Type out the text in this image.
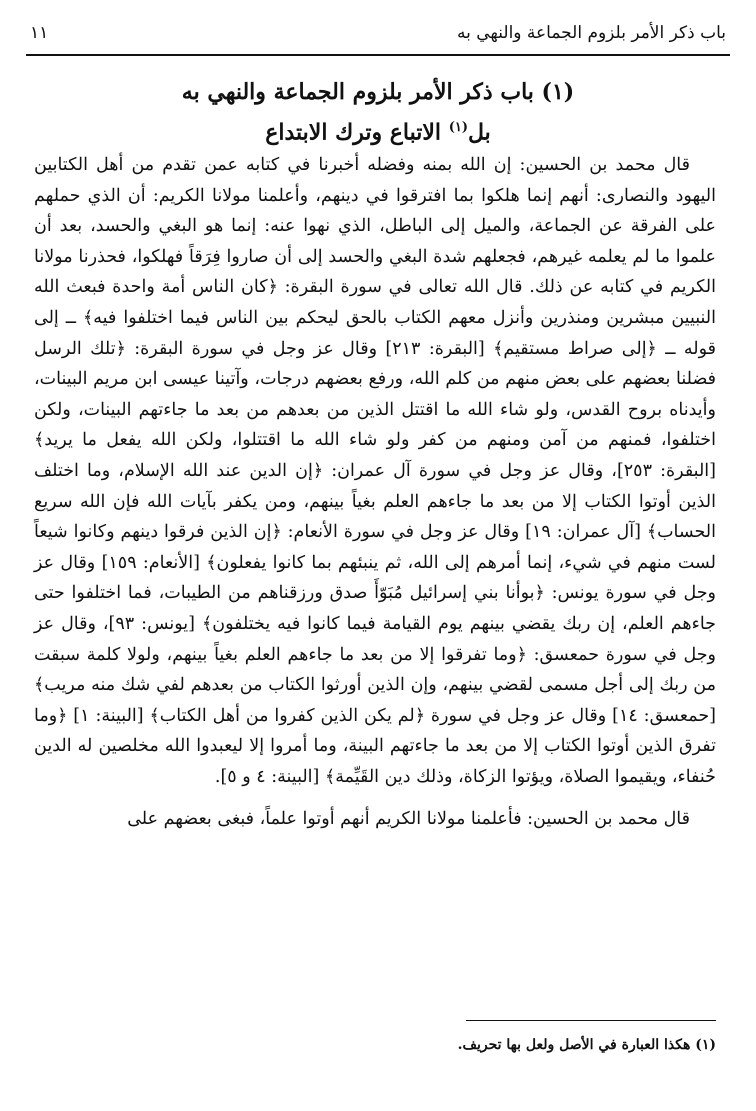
باب ذكر الأمر بلزوم الجماعة والنهي به
١١
(١) باب ذكر الأمر بلزوم الجماعة والنهي به
بل$^{(١)}$ الاتباع وترك الابتداع

قال محمد بن الحسين: إن الله بمنه وفضله أخبرنا في كتابه عمن تقدم من أهل الكتابين اليهود والنصارى: أنهم إنما هلكوا بما افترقوا في دينهم، وأعلمنا مولانا الكريم: أن الذي حملهم على الفرقة عن الجماعة، والميل إلى الباطل، الذي نهوا عنه: إنما هو البغي والحسد، بعد أن علموا ما لم يعلمه غيرهم، فجعلهم شدة البغي والحسد إلى أن صاروا فِرَقاً فهلكوا، فحذرنا مولانا الكريم في كتابه عن ذلك. قال الله تعالى في سورة البقرة: ﴿كان الناس أمة واحدة فبعث الله النبيين مبشرين ومنذرين وأنزل معهم الكتاب بالحق ليحكم بين الناس فيما اختلفوا فيه﴾ ــ إلى قوله ــ ﴿إلى صراط مستقيم﴾ [البقرة: ٢١٣] وقال عز وجل في سورة البقرة: ﴿تلك الرسل فضلنا بعضهم على بعض منهم من كلم الله، ورفع بعضهم درجات، وآتينا عيسى ابن مريم البينات، وأيدناه بروح القدس، ولو شاء الله ما اقتتل الذين من بعدهم من بعد ما جاءتهم البينات، ولكن اختلفوا، فمنهم من آمن ومنهم من كفر ولو شاء الله ما اقتتلوا، ولكن الله يفعل ما يريد﴾ [البقرة: ٢٥٣]، وقال عز وجل في سورة آل عمران: ﴿إن الدين عند الله الإسلام، وما اختلف الذين أوتوا الكتاب إلا من بعد ما جاءهم العلم بغياً بينهم، ومن يكفر بآيات الله فإن الله سريع الحساب﴾ [آل عمران: ١٩] وقال عز وجل في سورة الأنعام: ﴿إن الذين فرقوا دينهم وكانوا شيعاً لست منهم في شيء، إنما أمرهم إلى الله، ثم ينبئهم بما كانوا يفعلون﴾ [الأنعام: ١٥٩] وقال عز وجل في سورة يونس: ﴿بوأنا بني إسرائيل مُبَوّأَ صدق ورزقناهم من الطيبات، فما اختلفوا حتى جاءهم العلم، إن ربك يقضي بينهم يوم القيامة فيما كانوا فيه يختلفون﴾ [يونس: ٩٣]، وقال عز وجل في سورة حمعسق: ﴿وما تفرقوا إلا من بعد ما جاءهم العلم بغياً بينهم، ولولا كلمة سبقت من ربك إلى أجل مسمى لقضي بينهم، وإن الذين أورثوا الكتاب من بعدهم لفي شك منه مريب﴾ [حمعسق: ١٤] وقال عز وجل في سورة ﴿لم يكن الذين كفروا من أهل الكتاب﴾ [البينة: ١] ﴿وما تفرق الذين أوتوا الكتاب إلا من بعد ما جاءتهم البينة، وما أمروا إلا ليعبدوا الله مخلصين له الدين حُنفاء، ويقيموا الصلاة، ويؤتوا الزكاة، وذلك دين القَيِّمة﴾ [البينة: ٤ و ٥].

قال محمد بن الحسين: فأعلمنا مولانا الكريم أنهم أوتوا علماً، فبغى بعضهم على

(١) هكذا العبارة في الأصل ولعل بها تحريف.
